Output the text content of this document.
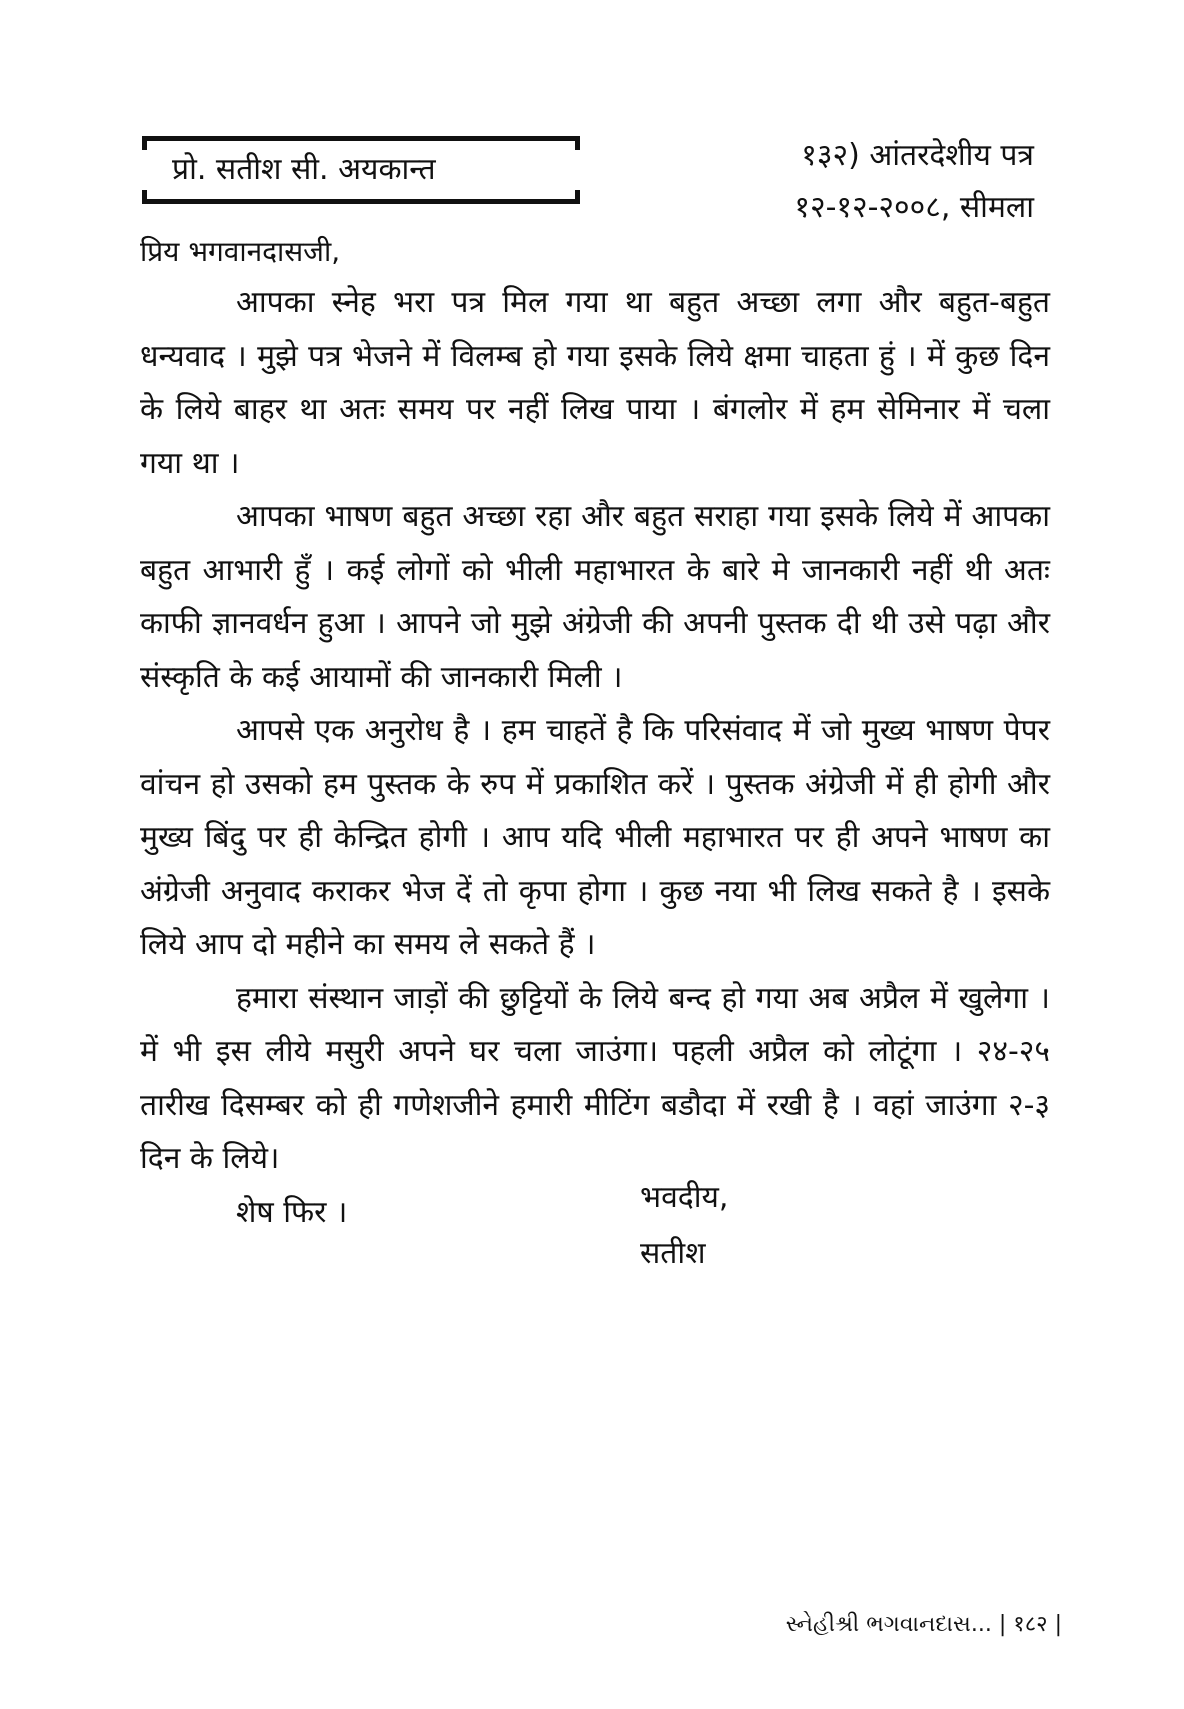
प्रो. सतीश सी. अयकान्त	१३२) आंतरदेशीय पत्र
१२-१२-२००८, सीमला
प्रिय भगवानदासजी,

आपका स्नेह भरा पत्र मिल गया था बहुत अच्छा लगा और बहुत-बहुत धन्यवाद । मुझे पत्र भेजने में विलम्ब हो गया इसके लिये क्षमा चाहता हुं । में कुछ दिन के लिये बाहर था अतः समय पर नहीं लिख पाया । बंगलोर में हम सेमिनार में चला गया था ।

आपका भाषण बहुत अच्छा रहा और बहुत सराहा गया इसके लिये में आपका बहुत आभारी हुँ । कई लोगों को भीली महाभारत के बारे मे जानकारी नहीं थी अतः काफी ज्ञानवर्धन हुआ । आपने जो मुझे अंग्रेजी की अपनी पुस्तक दी थी उसे पढ़ा और संस्कृति के कई आयामों की जानकारी मिली ।

आपसे एक अनुरोध है । हम चाहतें है कि परिसंवाद में जो मुख्य भाषण पेपर वांचन हो उसको हम पुस्तक के रुप में प्रकाशित करें । पुस्तक अंग्रेजी में ही होगी और मुख्य बिंदु पर ही केन्द्रित होगी । आप यदि भीली महाभारत पर ही अपने भाषण का अंग्रेजी अनुवाद कराकर भेज दें तो कृपा होगा । कुछ नया भी लिख सकते है । इसके लिये आप दो महीने का समय ले सकते हैं ।

हमारा संस्थान जाड़ों की छुट्टियों के लिये बन्द हो गया अब अप्रैल में खुलेगा । में भी इस लीये मसुरी अपने घर चला जाउंगा। पहली अप्रैल को लोटूंगा । २४-२५ तारीख दिसम्बर को ही गणेशजीने हमारी मीटिंग बडौदा में रखी है । वहां जाउंगा २-३ दिन के लिये।

शेष फिर ।	भवदीय,
सतीश
સ્નેહીશ્રી ભગવાનદાસ... | १८२ |
